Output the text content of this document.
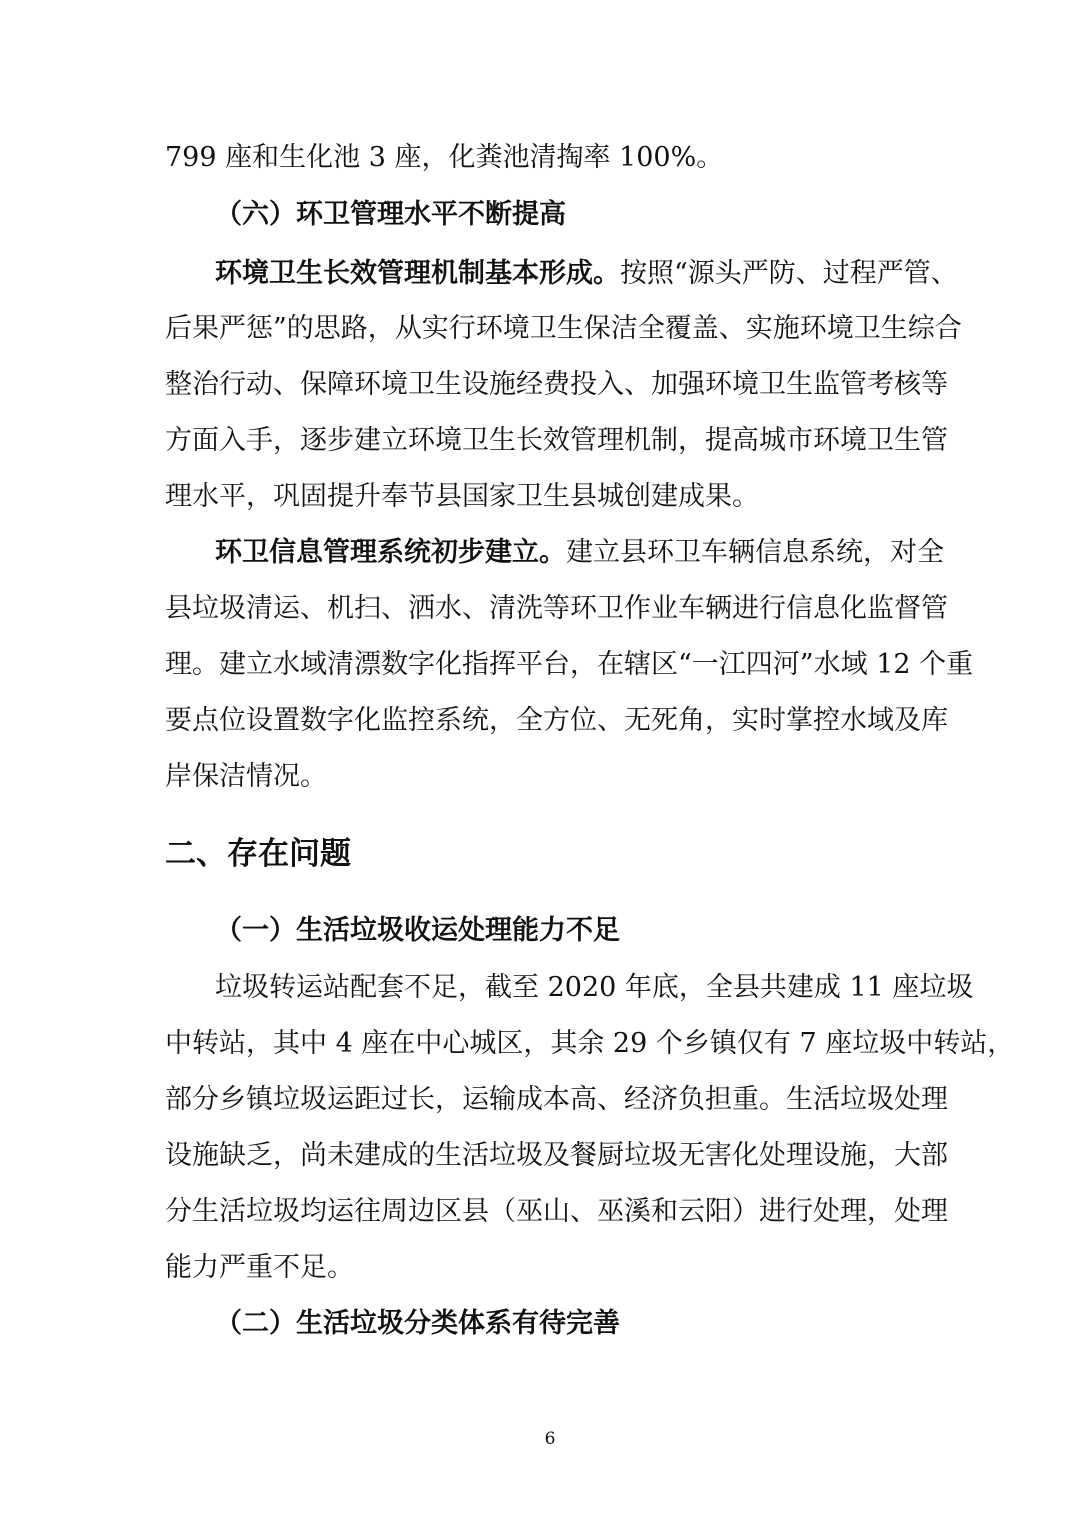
799 座和生化池 3 座，化粪池清掏率 100%。
（六）环卫管理水平不断提高
环境卫生长效管理机制基本形成。按照“源头严防、过程严管、
后果严惩”的思路，从实行环境卫生保洁全覆盖、实施环境卫生综合
整治行动、保障环境卫生设施经费投入、加强环境卫生监管考核等
方面入手，逐步建立环境卫生长效管理机制，提高城市环境卫生管
理水平，巩固提升奉节县国家卫生县城创建成果。
环卫信息管理系统初步建立。建立县环卫车辆信息系统，对全
县垃圾清运、机扫、洒水、清洗等环卫作业车辆进行信息化监督管
理。建立水域清漂数字化指挥平台，在辖区“一江四河”水域 12 个重
要点位设置数字化监控系统，全方位、无死角，实时掌控水域及库
岸保洁情况。
二、存在问题
（一）生活垃圾收运处理能力不足
垃圾转运站配套不足，截至 2020 年底，全县共建成 11 座垃圾
中转站，其中 4 座在中心城区，其余 29 个乡镇仅有 7 座垃圾中转站，
部分乡镇垃圾运距过长，运输成本高、经济负担重。生活垃圾处理
设施缺乏，尚未建成的生活垃圾及餐厨垃圾无害化处理设施，大部
分生活垃圾均运往周边区县（巫山、巫溪和云阳）进行处理，处理
能力严重不足。
（二）生活垃圾分类体系有待完善
6
